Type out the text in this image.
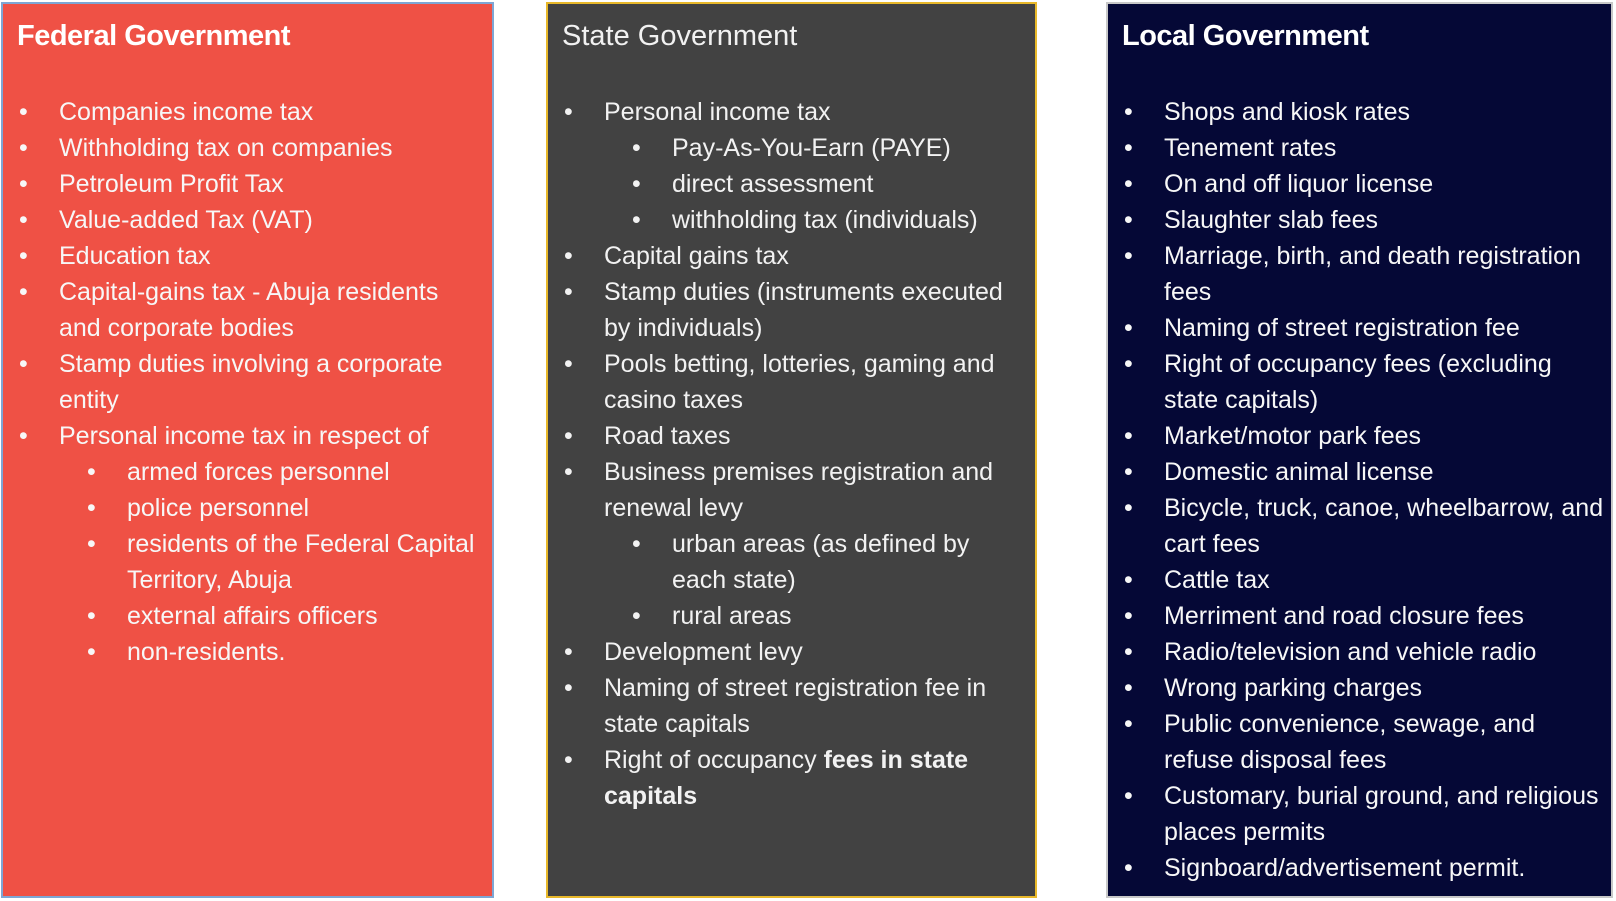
Federal Government
• Companies income tax
• Withholding tax on companies
• Petroleum Profit Tax
• Value-added Tax (VAT)
• Education tax
• Capital-gains tax - Abuja residents and corporate bodies
• Stamp duties involving a corporate entity
• Personal income tax in respect of
• armed forces personnel
• police personnel
• residents of the Federal Capital Territory, Abuja
• external affairs officers
• non-residents.
State Government
• Personal income tax
• Pay-As-You-Earn (PAYE)
• direct assessment
• withholding tax (individuals)
• Capital gains tax
• Stamp duties (instruments executed by individuals)
• Pools betting, lotteries, gaming and casino taxes
• Road taxes
• Business premises registration and renewal levy
• urban areas (as defined by each state)
• rural areas
• Development levy
• Naming of street registration fee in state capitals
• Right of occupancy fees in state capitals
Local Government
• Shops and kiosk rates
• Tenement rates
• On and off liquor license
• Slaughter slab fees
• Marriage, birth, and death registration fees
• Naming of street registration fee
• Right of occupancy fees (excluding state capitals)
• Market/motor park fees
• Domestic animal license
• Bicycle, truck, canoe, wheelbarrow, and cart fees
• Cattle tax
• Merriment and road closure fees
• Radio/television and vehicle radio
• Wrong parking charges
• Public convenience, sewage, and refuse disposal fees
• Customary, burial ground, and religious places permits
• Signboard/advertisement permit.
